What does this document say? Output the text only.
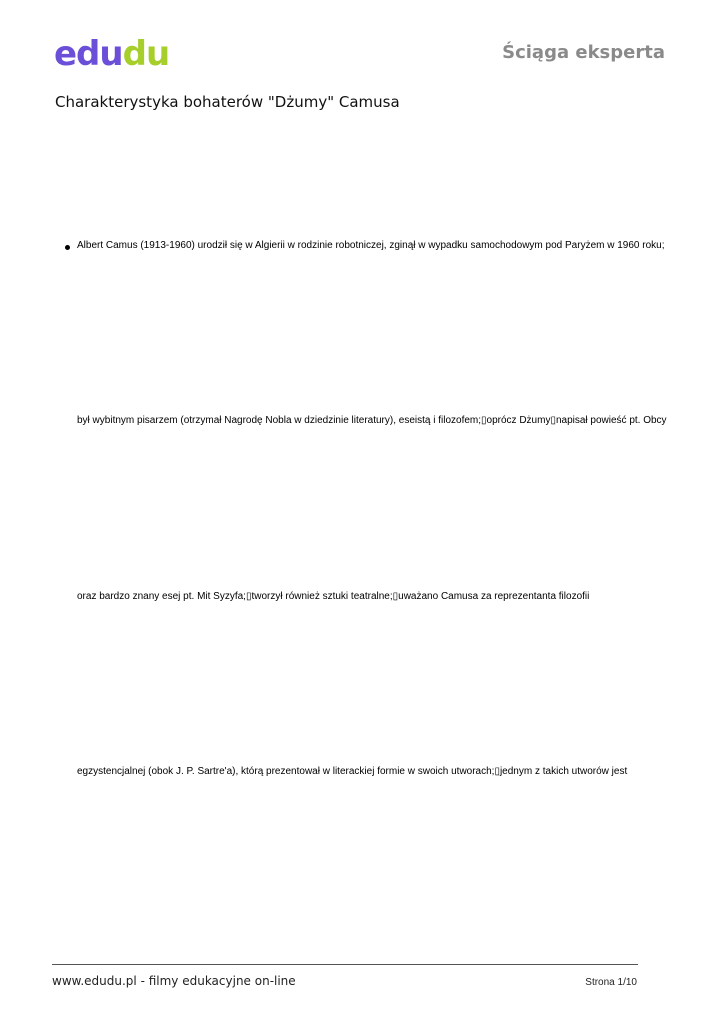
edudu	Ściąga eksperta
Charakterystyka bohaterów "Dżumy" Camusa
Albert Camus (1913-1960) urodził się w Algierii w rodzinie robotniczej, zginął w wypadku samochodowym pod Paryżem w 1960 roku;
był wybitnym pisarzem (otrzymał Nagrodę Nobla w dziedzinie literatury), eseistą i filozofem;▯oprócz Dżumy▯napisał powieść pt. Obcy
oraz bardzo znany esej pt. Mit Syzyfa;▯tworzył również sztuki teatralne;▯uważano Camusa za reprezentanta filozofii
egzystencjalnej (obok J. P. Sartre'a), którą prezentował w literackiej formie w swoich utworach;▯jednym z takich utworów jest
www.edudu.pl - filmy edukacyjne on-line	Strona 1/10
